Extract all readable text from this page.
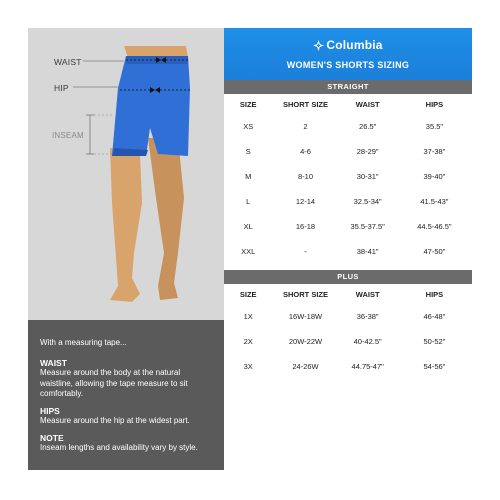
WAIST
HIP
INSEAM
With a measuring tape...
WAIST
Measure around the body at the natural waistline, allowing the tape measure to sit comfortably.
HIPS
Measure around the hip at the widest part.
NOTE
Inseam lengths and availability vary by style.
Columbia
WOMEN'S SHORTS SIZING
STRAIGHT
SIZE	SHORT SIZE	WAIST	HIPS
XS	2	26.5"	35.5"
S	4-6	28-29"	37-38"
M	8-10	30-31"	39-40"
L	12-14	32.5-34"	41.5-43"
XL	16-18	35.5-37.5"	44.5-46.5"
XXL	-	38-41"	47-50"
PLUS
SIZE	SHORT SIZE	WAIST	HIPS
1X	16W-18W	36-38"	46-48"
2X	20W-22W	40-42.5"	50-52"
3X	24-26W	44.75-47"	54-56"
